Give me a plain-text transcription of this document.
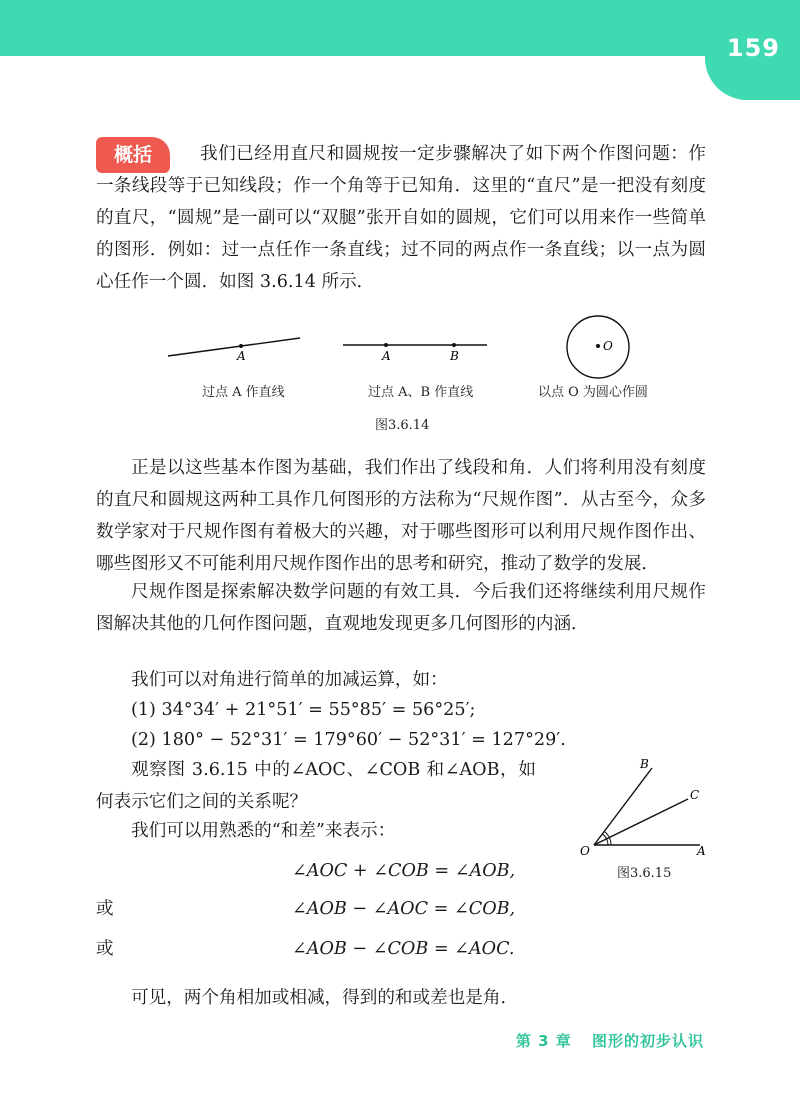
159
概括	我们已经用直尺和圆规按一定步骤解决了如下两个作图问题：作一条线段等于已知线段；作一个角等于已知角．这里的“直尺”是一把没有刻度的直尺，“圆规”是一副可以“双腿”张开自如的圆规，它们可以用来作一些简单的图形．例如：过一点任作一条直线；过不同的两点作一条直线；以一点为圆心任作一个圆．如图 3.6.14 所示．

A	A	B
O
B
C
O	A
过点 A 作直线	过点 A、B 作直线	以点 O 为圆心作圆
图3.6.14

正是以这些基本作图为基础，我们作出了线段和角．人们将利用没有刻度的直尺和圆规这两种工具作几何图形的方法称为“尺规作图”．从古至今，众多数学家对于尺规作图有着极大的兴趣，对于哪些图形可以利用尺规作图作出、哪些图形又不可能利用尺规作图作出的思考和研究，推动了数学的发展．

尺规作图是探索解决数学问题的有效工具．今后我们还将继续利用尺规作图解决其他的几何作图问题，直观地发现更多几何图形的内涵．

我们可以对角进行简单的加减运算，如：

(1) 34°34′ + 21°51′ = 55°85′ = 56°25′;

(2) 180° − 52°31′ = 179°60′ − 52°31′ = 127°29′.

观察图 3.6.15 中的∠AOC、∠COB 和∠AOB，如何表示它们之间的关系呢？

我们可以用熟悉的“和差”来表示：

∠AOC + ∠COB = ∠AOB,
或	∠AOB − ∠AOC = ∠COB,
或	∠AOB − ∠COB = ∠AOC.
图3.6.15

可见，两个角相加或相减，得到的和或差也是角．

第 3 章 图形的初步认识
